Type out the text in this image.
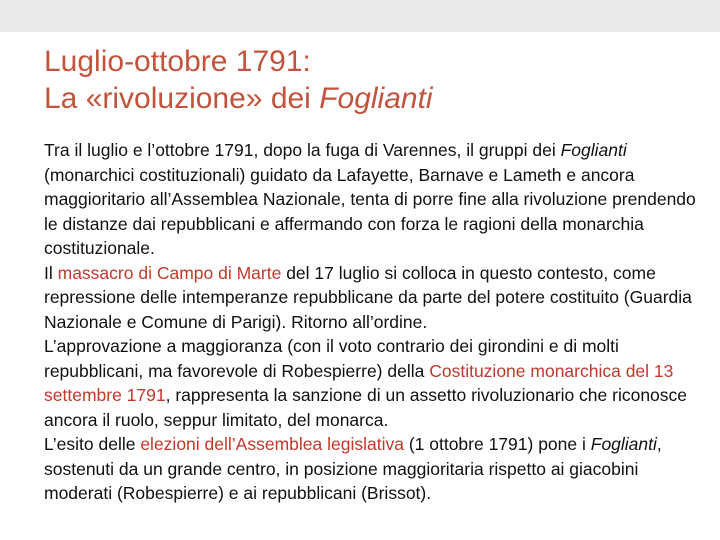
Luglio-ottobre 1791:
La «rivoluzione» dei Foglianti

Tra il luglio e l’ottobre 1791, dopo la fuga di Varennes, il gruppi dei Foglianti (monarchici costituzionali) guidato da Lafayette, Barnave e Lameth e ancora maggioritario all’Assemblea Nazionale, tenta di porre fine alla rivoluzione prendendo le distanze dai repubblicani e affermando con forza le ragioni della monarchia costituzionale.

Il massacro di Campo di Marte del 17 luglio si colloca in questo contesto, come repressione delle intemperanze repubblicane da parte del potere costituito (Guardia Nazionale e Comune di Parigi). Ritorno all’ordine.

L’approvazione a maggioranza (con il voto contrario dei girondini e di molti repubblicani, ma favorevole di Robespierre) della Costituzione monarchica del 13 settembre 1791, rappresenta la sanzione di un assetto rivoluzionario che riconosce ancora il ruolo, seppur limitato, del monarca.

L’esito delle elezioni dell’Assemblea legislativa (1 ottobre 1791) pone i Foglianti, sostenuti da un grande centro, in posizione maggioritaria rispetto ai giacobini moderati (Robespierre) e ai repubblicani (Brissot).
